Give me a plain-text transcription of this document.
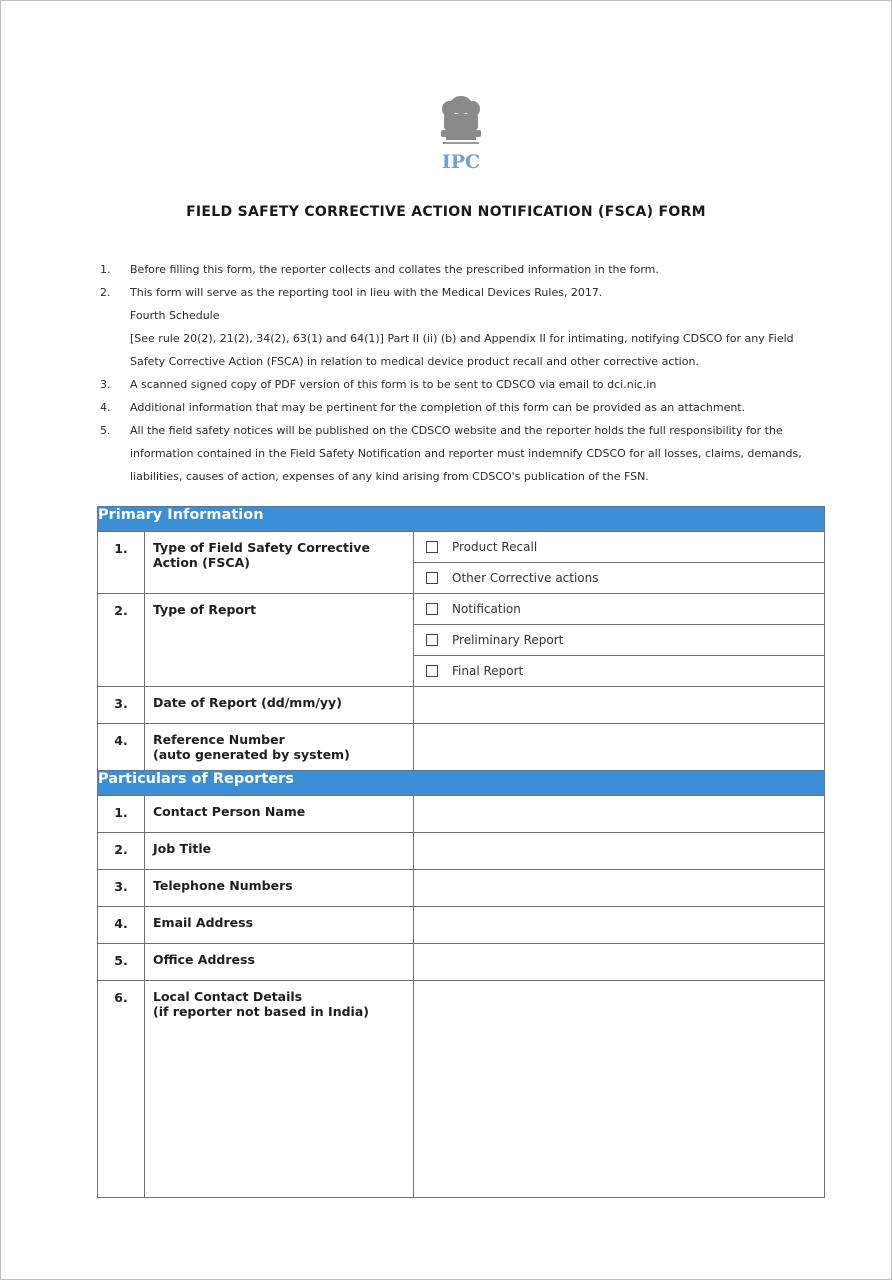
IPC
FIELD SAFETY CORRECTIVE ACTION NOTIFICATION (FSCA) FORM
1. Before filling this form, the reporter collects and collates the prescribed information in the form.
2. This form will serve as the reporting tool in lieu with the Medical Devices Rules, 2017.
Fourth Schedule
[See rule 20(2), 21(2), 34(2), 63(1) and 64(1)] Part II (ii) (b) and Appendix II for intimating, notifying CDSCO for any Field Safety Corrective Action (FSCA) in relation to medical device product recall and other corrective action.
3. A scanned signed copy of PDF version of this form is to be sent to CDSCO via email to dci.nic.in
4. Additional information that may be pertinent for the completion of this form can be provided as an attachment.
5. All the field safety notices will be published on the CDSCO website and the reporter holds the full responsibility for the information contained in the Field Safety Notification and reporter must indemnify CDSCO for all losses, claims, demands, liabilities, causes of action, expenses of any kind arising from CDSCO's publication of the FSN.
Primary Information		
1.	Type of Field Safety Corrective Action (FSCA)	Product Recall
Other Corrective actions

2.	Type of Report	Notification
Preliminary Report
Final Report

3.	Date of Report (dd/mm/yy)	
4.	Reference Number
(auto generated by system)	

Particulars of Reporters		
1.	Contact Person Name	
2.	Job Title	
3.	Telephone Numbers	
4.	Email Address	
5.	Office Address	
6.	Local Contact Details
(if reporter not based in India)	
